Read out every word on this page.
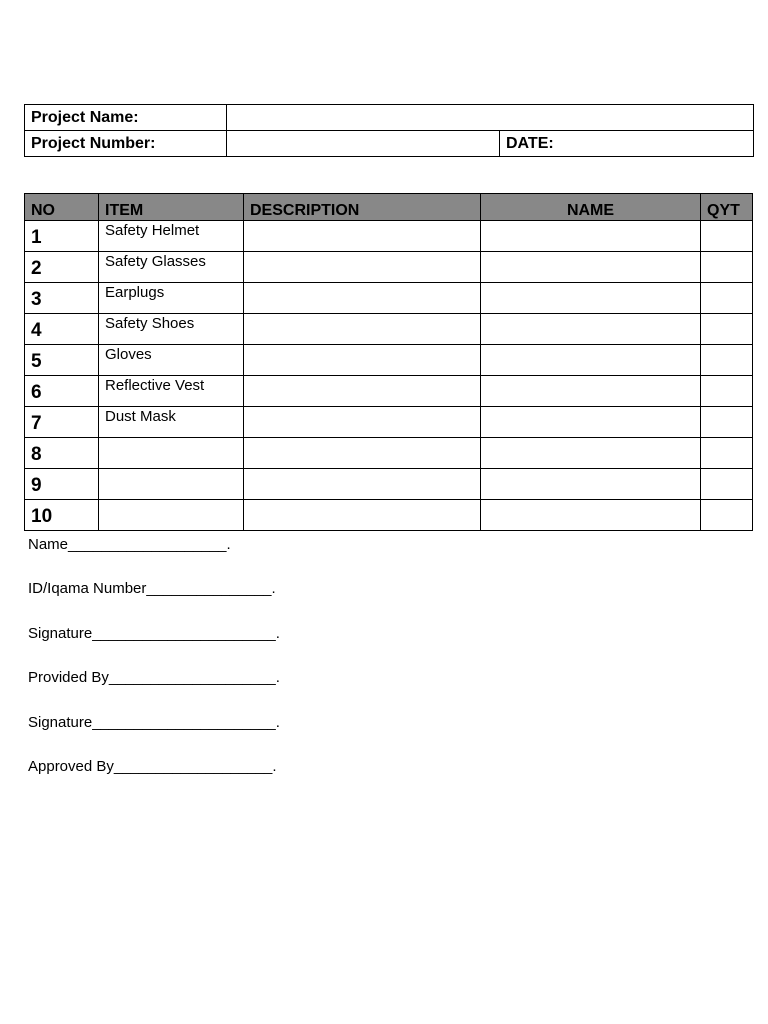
Project Name:		
Project Number:		DATE:
NO	ITEM	DESCRIPTION	NAME	QYT
1	Safety Helmet			
2	Safety Glasses			
3	Earplugs			
4	Safety Shoes			
5	Gloves			
6	Reflective Vest			
7	Dust Mask			
8				
9				
10				
Name___________________.
ID/Iqama Number_______________.
Signature______________________.
Provided By____________________.
Signature______________________.
Approved By___________________.
